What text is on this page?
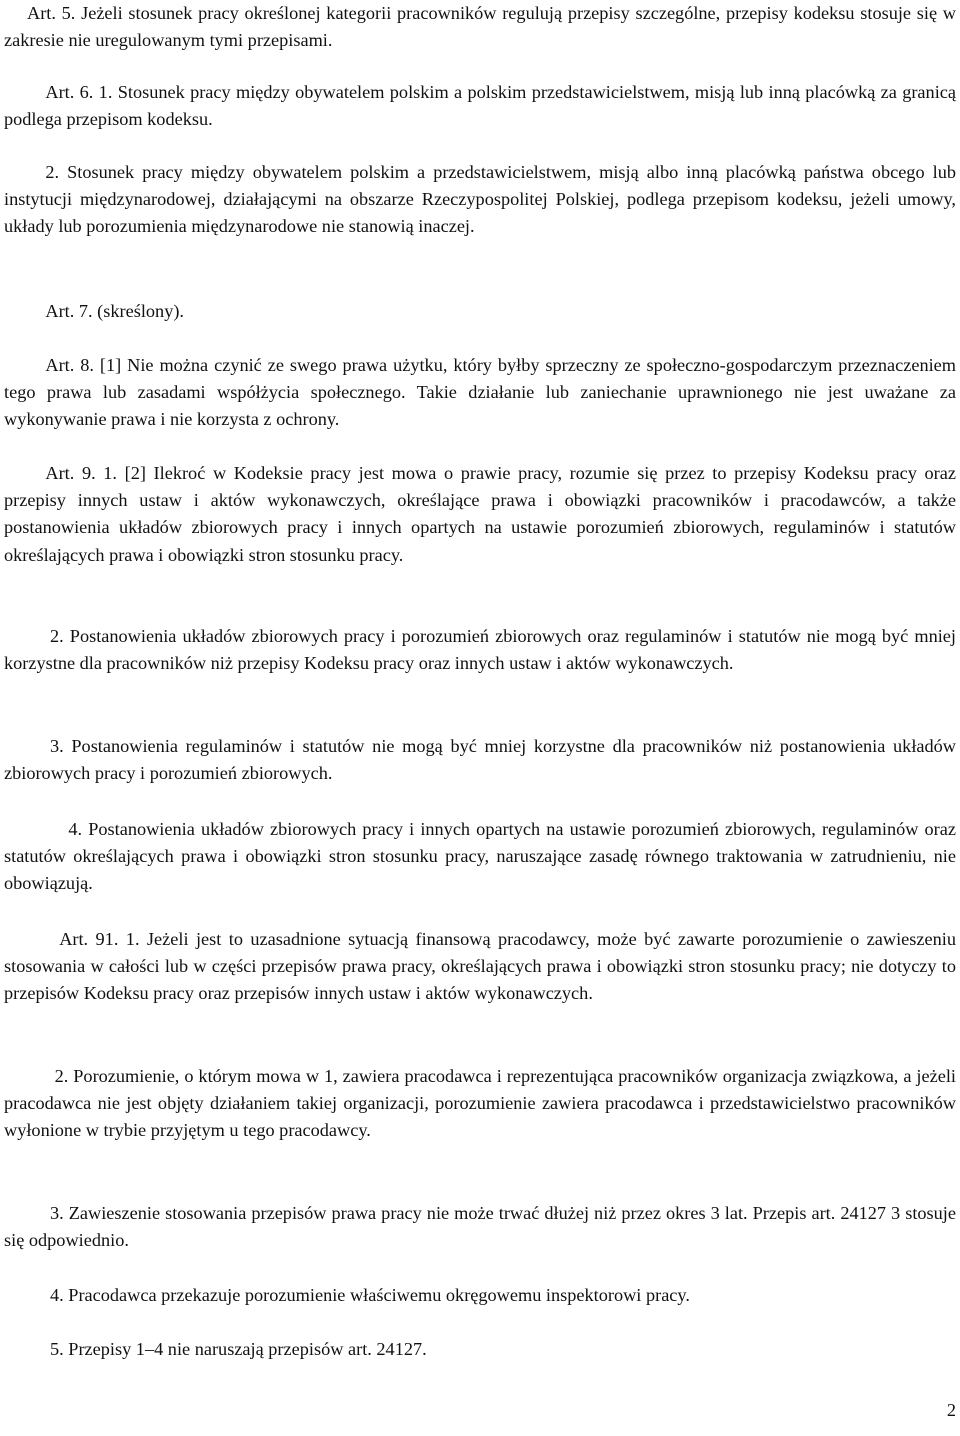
Art. 5. Jeżeli stosunek pracy określonej kategorii pracowników regulują przepisy szczególne, przepisy kodeksu stosuje się w zakresie nie uregulowanym tymi przepisami.

Art. 6. 1. Stosunek pracy między obywatelem polskim a polskim przedstawicielstwem, misją lub inną placówką za granicą podlega przepisom kodeksu.

2. Stosunek pracy między obywatelem polskim a przedstawicielstwem, misją albo inną placówką państwa obcego lub instytucji międzynarodowej, działającymi na obszarze Rzeczypospolitej Polskiej, podlega przepisom kodeksu, jeżeli umowy, układy lub porozumienia międzynarodowe nie stanowią inaczej.

Art. 7. (skreślony).

Art. 8. [1] Nie można czynić ze swego prawa użytku, który byłby sprzeczny ze społeczno-gospodarczym przeznaczeniem tego prawa lub zasadami współżycia społecznego. Takie działanie lub zaniechanie uprawnionego nie jest uważane za wykonywanie prawa i nie korzysta z ochrony.

Art. 9. 1. [2] Ilekroć w Kodeksie pracy jest mowa o prawie pracy, rozumie się przez to przepisy Kodeksu pracy oraz przepisy innych ustaw i aktów wykonawczych, określające prawa i obowiązki pracowników i pracodawców, a także postanowienia układów zbiorowych pracy i innych opartych na ustawie porozumień zbiorowych, regulaminów i statutów określających prawa i obowiązki stron stosunku pracy.

2. Postanowienia układów zbiorowych pracy i porozumień zbiorowych oraz regulaminów i statutów nie mogą być mniej korzystne dla pracowników niż przepisy Kodeksu pracy oraz innych ustaw i aktów wykonawczych.

3. Postanowienia regulaminów i statutów nie mogą być mniej korzystne dla pracowników niż postanowienia układów zbiorowych pracy i porozumień zbiorowych.

4. Postanowienia układów zbiorowych pracy i innych opartych na ustawie porozumień zbiorowych, regulaminów oraz statutów określających prawa i obowiązki stron stosunku pracy, naruszające zasadę równego traktowania w zatrudnieniu, nie obowiązują.

Art. 91. 1. Jeżeli jest to uzasadnione sytuacją finansową pracodawcy, może być zawarte porozumienie o zawieszeniu stosowania w całości lub w części przepisów prawa pracy, określających prawa i obowiązki stron stosunku pracy; nie dotyczy to przepisów Kodeksu pracy oraz przepisów innych ustaw i aktów wykonawczych.

2. Porozumienie, o którym mowa w 1, zawiera pracodawca i reprezentująca pracowników organizacja związkowa, a jeżeli pracodawca nie jest objęty działaniem takiej organizacji, porozumienie zawiera pracodawca i przedstawicielstwo pracowników wyłonione w trybie przyjętym u tego pracodawcy.

3. Zawieszenie stosowania przepisów prawa pracy nie może trwać dłużej niż przez okres 3 lat. Przepis art. 24127 3 stosuje się odpowiednio.

4. Pracodawca przekazuje porozumienie właściwemu okręgowemu inspektorowi pracy.

5. Przepisy 1–4 nie naruszają przepisów art. 24127.

2
